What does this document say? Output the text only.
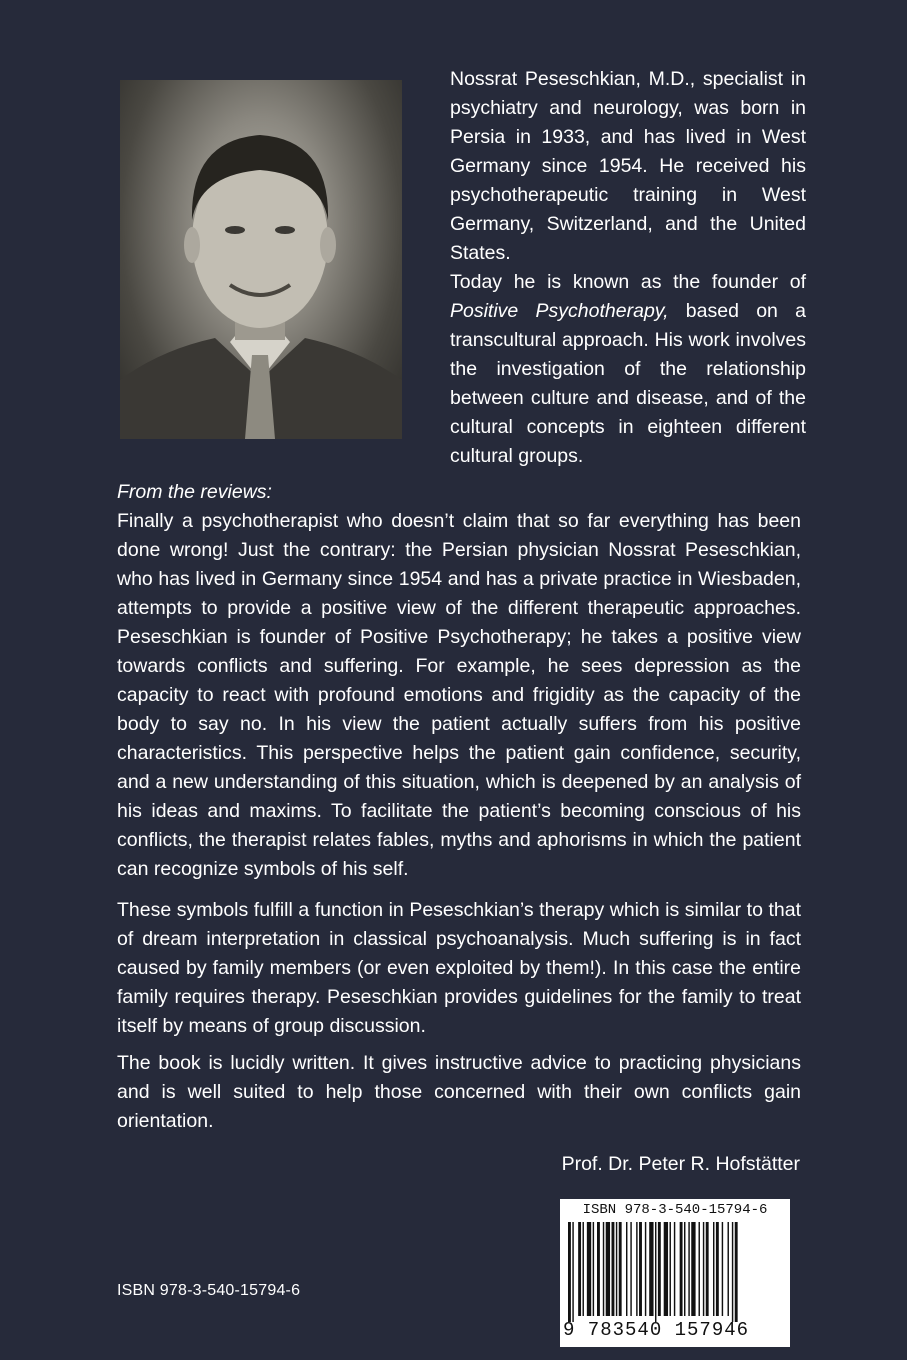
Nossrat Peseschkian, M.D., specialist in psychiatry and neurology, was born in Persia in 1933, and has lived in West Germany since 1954. He received his psychotherapeutic training in West Germany, Switzerland, and the United States.

Today he is known as the founder of Positive Psychotherapy, based on a transcultural approach. His work involves the investigation of the relationship between culture and disease, and of the cultural concepts in eighteen different cultural groups.

From the reviews:

Finally a psychotherapist who doesn’t claim that so far everything has been done wrong! Just the contrary: the Persian physician Nossrat Peseschkian, who has lived in Germany since 1954 and has a private practice in Wiesbaden, attempts to provide a positive view of the different therapeutic approaches. Peseschkian is founder of Positive Psychotherapy; he takes a positive view towards conflicts and suffering. For example, he sees depression as the capacity to react with profound emotions and frigidity as the capacity of the body to say no. In his view the patient actually suffers from his positive characteristics. This perspective helps the patient gain confidence, security, and a new understanding of this situation, which is deepened by an analysis of his ideas and maxims. To facilitate the patient’s becoming conscious of his conflicts, the therapist relates fables, myths and aphorisms in which the patient can recognize symbols of his self.

These symbols fulfill a function in Peseschkian’s therapy which is similar to that of dream interpretation in classical psychoanalysis. Much suffering is in fact caused by family members (or even exploited by them!). In this case the entire family requires therapy. Peseschkian provides guidelines for the family to treat itself by means of group discussion.

The book is lucidly written. It gives instructive advice to practicing physicians and is well suited to help those concerned with their own conflicts gain orientation.

Prof. Dr. Peter R. Hofstätter
ISBN 978-3-540-15794-6
ISBN 978-3-540-15794-6
9 783540 157946
